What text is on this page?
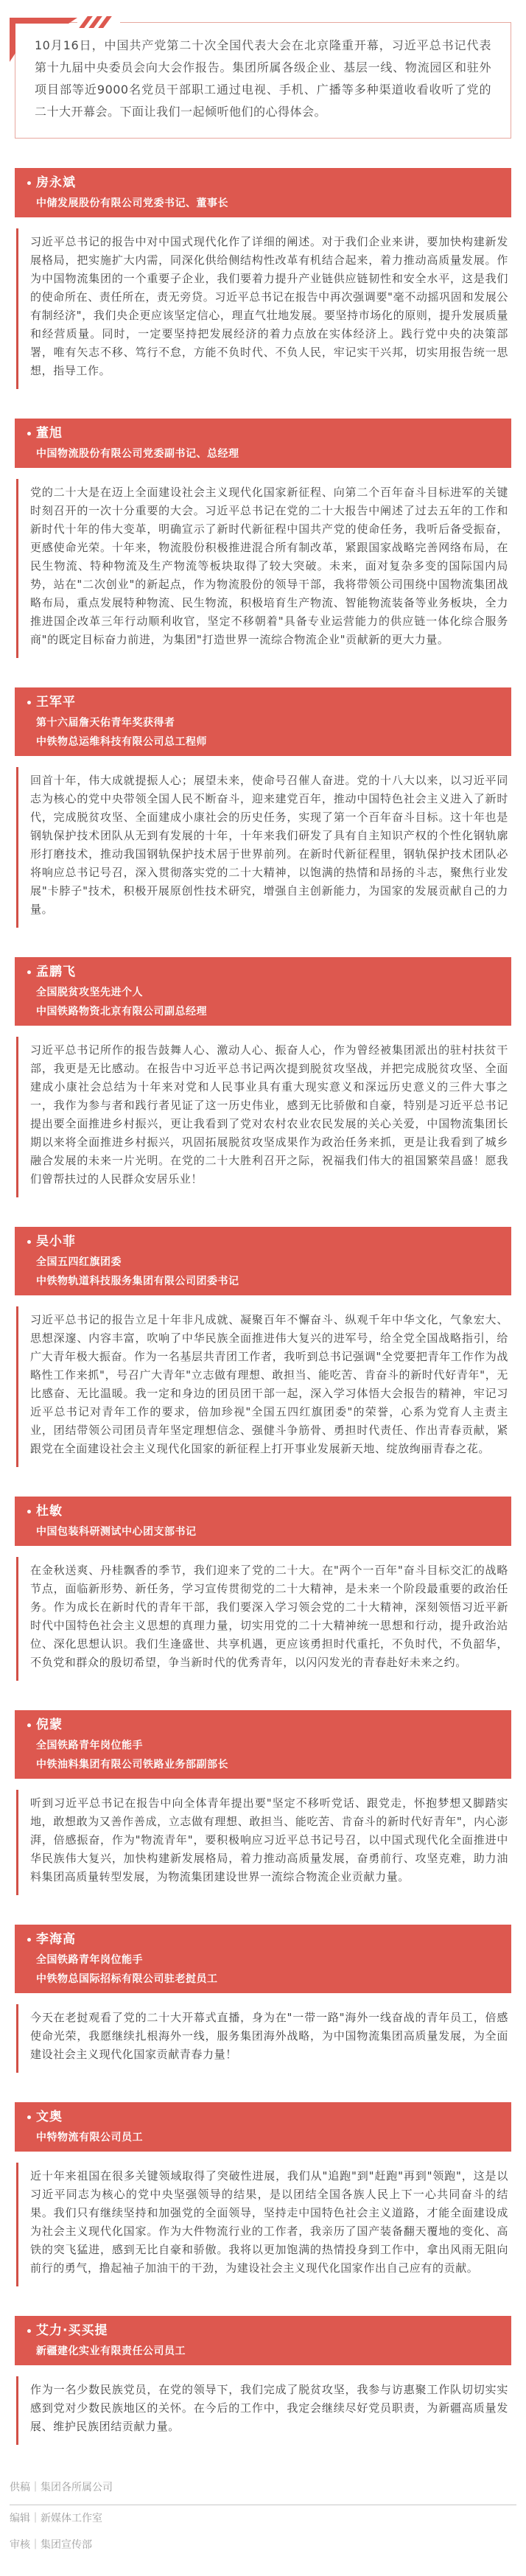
10月16日，中国共产党第二十次全国代表大会在北京隆重开幕，习近平总书记代表第十九届中央委员会向大会作报告。集团所属各级企业、基层一线、物流园区和驻外项目部等近9000名党员干部职工通过电视、手机、广播等多种渠道收看收听了党的二十大开幕会。下面让我们一起倾听他们的心得体会。

房永斌
中储发展股份有限公司党委书记、董事长

习近平总书记的报告中对中国式现代化作了详细的阐述。对于我们企业来讲，要加快构建新发展格局，把实施扩大内需，同深化供给侧结构性改革有机结合起来，着力推动高质量发展。作为中国物流集团的一个重要子企业，我们要着力提升产业链供应链韧性和安全水平，这是我们的使命所在、责任所在，责无旁贷。习近平总书记在报告中再次强调要"毫不动摇巩固和发展公有制经济"，我们央企更应该坚定信心，理直气壮地发展。要坚持市场化的原则，提升发展质量和经营质量。同时，一定要坚持把发展经济的着力点放在实体经济上。践行党中央的决策部署，唯有矢志不移、笃行不怠，方能不负时代、不负人民，牢记实干兴邦，切实用报告统一思想，指导工作。

董旭
中国物流股份有限公司党委副书记、总经理

党的二十大是在迈上全面建设社会主义现代化国家新征程、向第二个百年奋斗目标进军的关键时刻召开的一次十分重要的大会。习近平总书记在党的二十大报告中阐述了过去五年的工作和新时代十年的伟大变革，明确宣示了新时代新征程中国共产党的使命任务，我听后备受振奋，更感使命光荣。十年来，物流股份积极推进混合所有制改革，紧跟国家战略完善网络布局，在民生物流、特种物流及生产物流等板块取得了较大突破。未来，面对复杂多变的国际国内局势，站在"二次创业"的新起点，作为物流股份的领导干部，我将带领公司围绕中国物流集团战略布局，重点发展特种物流、民生物流，积极培育生产物流、智能物流装备等业务板块，全力推进国企改革三年行动顺利收官，坚定不移朝着"具备专业运营能力的供应链一体化综合服务商"的既定目标奋力前进，为集团"打造世界一流综合物流企业"贡献新的更大力量。

王军平
第十六届詹天佑青年奖获得者
中铁物总运维科技有限公司总工程师

回首十年，伟大成就提振人心；展望未来，使命号召催人奋进。党的十八大以来，以习近平同志为核心的党中央带领全国人民不断奋斗，迎来建党百年，推动中国特色社会主义进入了新时代，完成脱贫攻坚、全面建成小康社会的历史任务，实现了第一个百年奋斗目标。这十年也是钢轨保护技术团队从无到有发展的十年，十年来我们研发了具有自主知识产权的个性化钢轨廓形打磨技术，推动我国钢轨保护技术居于世界前列。在新时代新征程里，钢轨保护技术团队必将响应总书记号召，深入贯彻落实党的二十大精神，以饱满的热情和昂扬的斗志，聚焦行业发展"卡脖子"技术，积极开展原创性技术研究，增强自主创新能力，为国家的发展贡献自己的力量。

孟鹏飞
全国脱贫攻坚先进个人
中国铁路物资北京有限公司副总经理

习近平总书记所作的报告鼓舞人心、激动人心、振奋人心，作为曾经被集团派出的驻村扶贫干部，我更是无比感动。在报告中习近平总书记两次提到脱贫攻坚战，并把完成脱贫攻坚、全面建成小康社会总结为十年来对党和人民事业具有重大现实意义和深远历史意义的三件大事之一，我作为参与者和践行者见证了这一历史伟业，感到无比骄傲和自豪，特别是习近平总书记提出要全面推进乡村振兴，更让我看到了党对农村农业农民发展的关心关爱，中国物流集团长期以来将全面推进乡村振兴，巩固拓展脱贫攻坚成果作为政治任务来抓，更是让我看到了城乡融合发展的未来一片光明。在党的二十大胜利召开之际，祝福我们伟大的祖国繁荣昌盛！愿我们曾帮扶过的人民群众安居乐业！

吴小菲
全国五四红旗团委
中铁物轨道科技服务集团有限公司团委书记

习近平总书记的报告立足十年非凡成就、凝聚百年不懈奋斗、纵观千年中华文化，气象宏大、思想深邃、内容丰富，吹响了中华民族全面推进伟大复兴的进军号，给全党全国战略指引，给广大青年极大振奋。作为一名基层共青团工作者，我听到总书记强调"全党要把青年工作作为战略性工作来抓"，号召广大青年"立志做有理想、敢担当、能吃苦、肯奋斗的新时代好青年"，无比感奋、无比温暖。我一定和身边的团员团干部一起，深入学习体悟大会报告的精神，牢记习近平总书记对青年工作的要求，倍加珍视"全国五四红旗团委"的荣誉，心系为党育人主责主业，团结带领公司团员青年坚定理想信念、强健斗争筋骨、勇担时代责任、作出青春贡献，紧跟党在全面建设社会主义现代化国家的新征程上打开事业发展新天地、绽放绚丽青春之花。

杜敏
中国包装科研测试中心团支部书记

在金秋送爽、丹桂飘香的季节，我们迎来了党的二十大。在"两个一百年"奋斗目标交汇的战略节点，面临新形势、新任务，学习宣传贯彻党的二十大精神，是未来一个阶段最重要的政治任务。作为成长在新时代的青年干部，我们要深入学习领会党的二十大精神，深刻领悟习近平新时代中国特色社会主义思想的真理力量，切实用党的二十大精神统一思想和行动，提升政治站位、深化思想认识。我们生逢盛世、共享机遇，更应该勇担时代重托，不负时代，不负韶华，不负党和群众的殷切希望，争当新时代的优秀青年，以闪闪发光的青春赴好未来之约。

倪蒙
全国铁路青年岗位能手
中铁油料集团有限公司铁路业务部副部长

听到习近平总书记在报告中向全体青年提出要"坚定不移听党话、跟党走，怀抱梦想又脚踏实地，敢想敢为又善作善成，立志做有理想、敢担当、能吃苦、肯奋斗的新时代好青年"，内心澎湃，倍感振奋，作为"物流青年"，要积极响应习近平总书记号召，以中国式现代化全面推进中华民族伟大复兴，加快构建新发展格局，着力推动高质量发展，奋勇前行、攻坚克难，助力油料集团高质量转型发展，为物流集团建设世界一流综合物流企业贡献力量。

李海高
全国铁路青年岗位能手
中铁物总国际招标有限公司驻老挝员工

今天在老挝观看了党的二十大开幕式直播，身为在"一带一路"海外一线奋战的青年员工，倍感使命光荣，我愿继续扎根海外一线，服务集团海外战略，为中国物流集团高质量发展，为全面建设社会主义现代化国家贡献青春力量！

文奥
中特物流有限公司员工

近十年来祖国在很多关键领域取得了突破性进展，我们从"追跑"到"赶跑"再到"领跑"，这是以习近平同志为核心的党中央坚强领导的结果，是以团结全国各族人民上下一心共同奋斗的结果。我们只有继续坚持和加强党的全面领导，坚持走中国特色社会主义道路，才能全面建设成为社会主义现代化国家。作为大件物流行业的工作者，我亲历了国产装备翻天覆地的变化、高铁的突飞猛进，感到无比自豪和骄傲。我将以更加饱满的热情投身到工作中，拿出风雨无阻向前行的勇气，撸起袖子加油干的干劲，为建设社会主义现代化国家作出自己应有的贡献。

艾力·买买提
新疆建化实业有限责任公司员工

作为一名少数民族党员，在党的领导下，我们完成了脱贫攻坚，我参与访惠聚工作队切切实实感到党对少数民族地区的关怀。在今后的工作中，我定会继续尽好党员职责，为新疆高质量发展、维护民族团结贡献力量。

供稿｜集团各所属公司
编辑｜新媒体工作室
审核｜集团宣传部
